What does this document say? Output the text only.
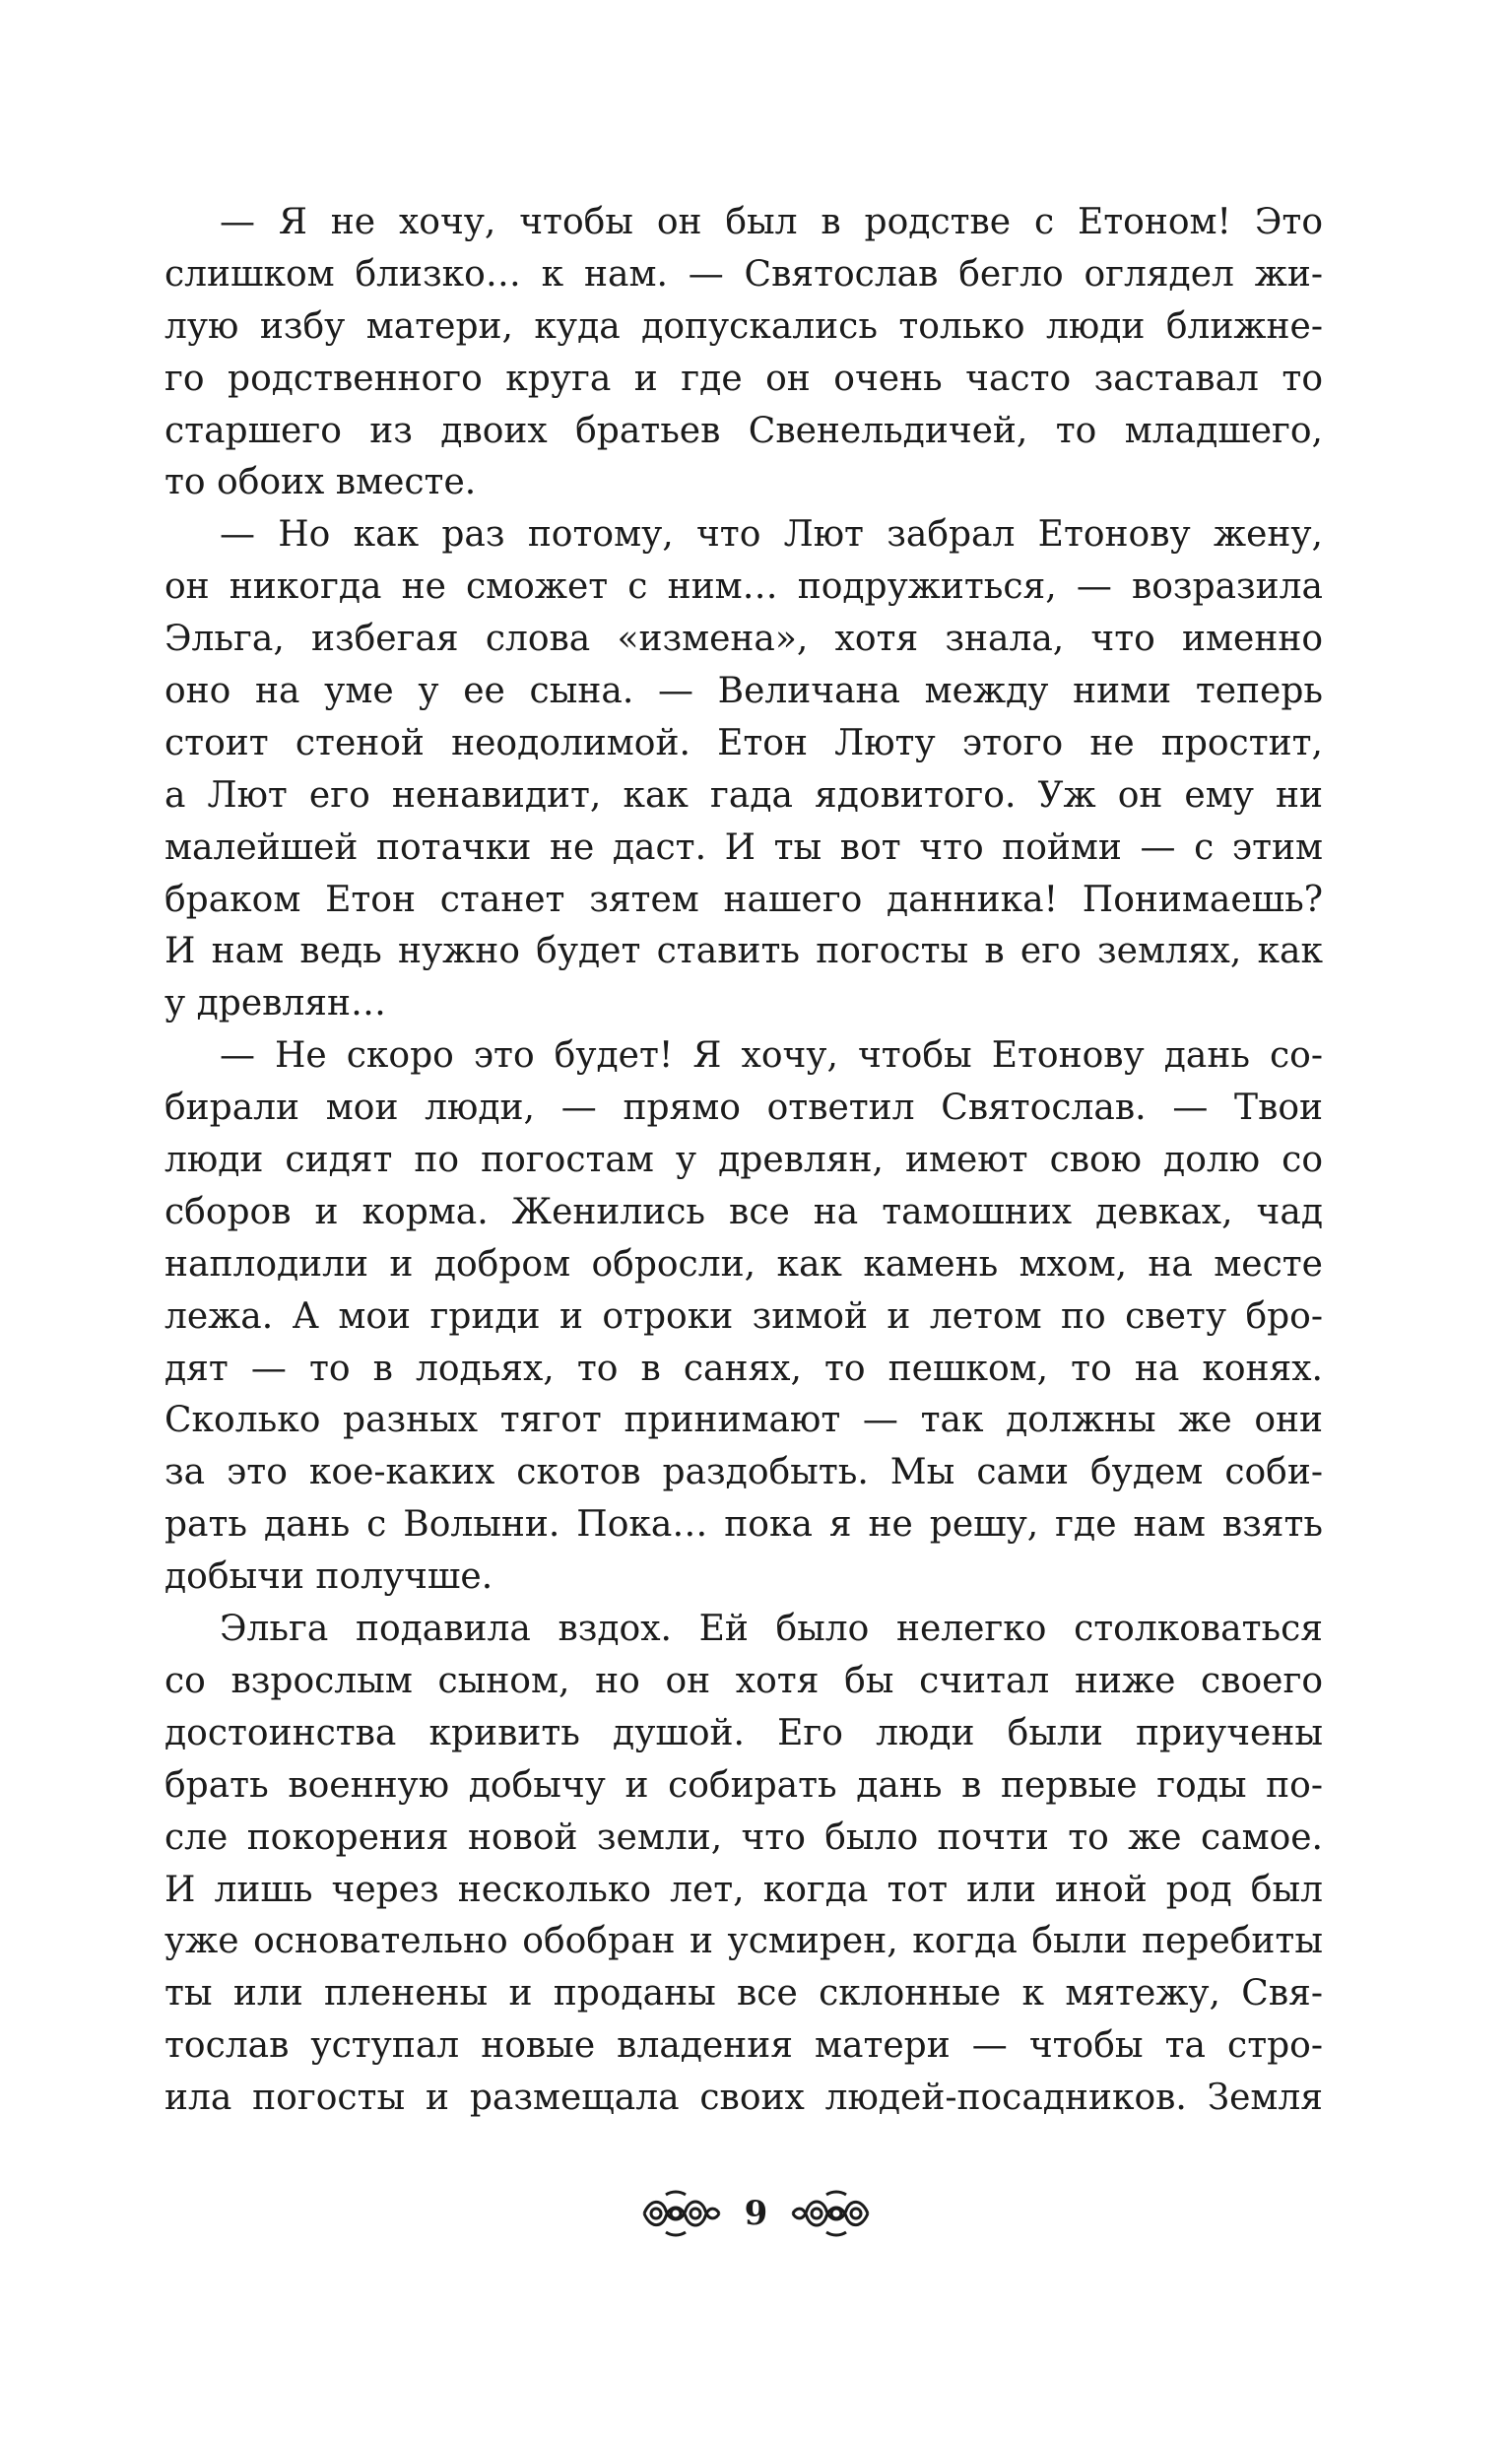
— Я не хочу, чтобы он был в родстве с Етоном! Это
слишком близко… к нам. — Святослав бегло оглядел жи-
лую избу матери, куда допускались только люди ближне-
го родственного круга и где он очень часто заставал то
старшего из двоих братьев Свенельдичей, то младшего,
то обоих вместе.
— Но как раз потому, что Лют забрал Етонову жену,
он никогда не сможет с ним… подружиться, — возразила
Эльга, избегая слова «измена», хотя знала, что именно
оно на уме у ее сына. — Величана между ними теперь
стоит стеной неодолимой. Етон Люту этого не простит,
а Лют его ненавидит, как гада ядовитого. Уж он ему ни
малейшей потачки не даст. И ты вот что пойми — с этим
браком Етон станет зятем нашего данника! Понимаешь?
И нам ведь нужно будет ставить погосты в его землях, как
у древлян…
— Не скоро это будет! Я хочу, чтобы Етонову дань со-
бирали мои люди, — прямо ответил Святослав. — Твои
люди сидят по погостам у древлян, имеют свою долю со
сборов и корма. Женились все на тамошних девках, чад
наплодили и добром обросли, как камень мхом, на месте
лежа. А мои гриди и отроки зимой и летом по свету бро-
дят — то в лодьях, то в санях, то пешком, то на конях.
Сколько разных тягот принимают — так должны же они
за это кое-каких скотов раздобыть. Мы сами будем соби-
рать дань с Волыни. Пока… пока я не решу, где нам взять
добычи получше.
Эльга подавила вздох. Ей было нелегко столковаться
со взрослым сыном, но он хотя бы считал ниже своего
достоинства кривить душой. Его люди были приучены
брать военную добычу и собирать дань в первые годы по-
сле покорения новой земли, что было почти то же самое.
И лишь через несколько лет, когда тот или иной род был
уже основательно обобран и усмирен, когда были перебиты
ты или пленены и проданы все склонные к мятежу, Свя-
тослав уступал новые владения матери — чтобы та стро-
ила погосты и размещала своих людей-посадников. Земля
9
